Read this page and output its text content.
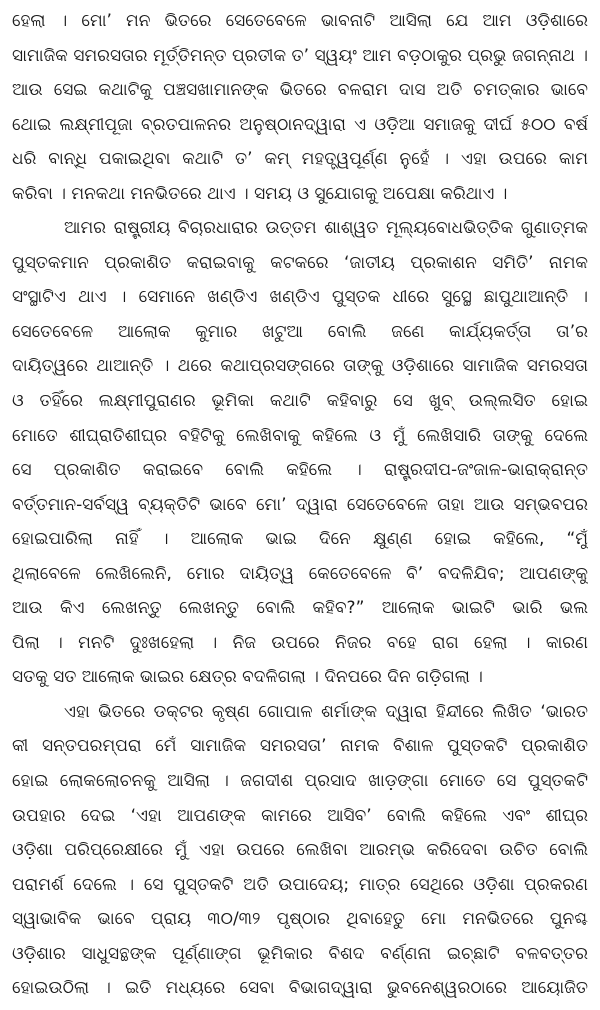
ହେଲା । ମୋ’ ମନ ଭିତରେ ସେତେବେଳେ ଭାବନାଟି ଆସିଲା ଯେ ଆମ ଓଡ଼ିଶାରେ
ସାମାଜିକ ସମରସତାର ମୂର୍ତ୍ତିମନ୍ତ ପ୍ରତୀକ ତ’ ସ୍ୱୟଂ ଆମ ବଡ଼ଠାକୁର ପ୍ରଭୁ ଜଗନ୍ନାଥ ।
ଆଉ ସେଇ କଥାଟିକୁ ପଞ୍ଚସଖାମାନଙ୍କ ଭିତରେ ବଳରାମ ଦାସ ଅତି ଚମତ୍କାର ଭାବେ
ଥୋଇ ଲକ୍ଷ୍ମୀପୂଜା ବ୍ରତପାଳନର ଅନୁଷ୍ଠାନଦ୍ୱାରା ଏ ଓଡ଼ିଆ ସମାଜକୁ ଦୀର୍ଘ ୫୦୦ ବର୍ଷ
ଧରି ବାନ୍ଧି ପକାଇଥିବା କଥାଟି ତ’ କମ୍ ମହତ୍ତ୍ୱପୂର୍ଣ୍ଣ ନୁହେଁ । ଏହା ଉପରେ କାମ
କରିବା । ମନକଥା ମନଭିତରେ ଥାଏ । ସମୟ ଓ ସୁଯୋଗକୁ ଅପେକ୍ଷା କରିଥାଏ ।
ଆମର ରାଷ୍ଟ୍ରୀୟ ବିଚାରଧାରାର ଉତ୍ତମ ଶାଶ୍ୱତ ମୂଲ୍ୟବୋଧଭିତ୍ତିକ ଗୁଣାତ୍ମକ
ପୁସ୍ତକମାନ ପ୍ରକାଶିତ କରାଇବାକୁ କଟକରେ ‘ଜାତୀୟ ପ୍ରକାଶନ ସମିତି’ ନାମକ
ସଂସ୍ଥାଟିଏ ଥାଏ । ସେମାନେ ଖଣ୍ଡିଏ ଖଣ୍ଡିଏ ପୁସ୍ତକ ଧୀରେ ସୁସ୍ଥେ ଛାପୁଥାଆନ୍ତି ।
ସେତେବେଳେ ଆଲୋକ କୁମାର ଖଟୁଆ ବୋଲି ଜଣେ କାର୍ଯ୍ୟକର୍ତ୍ତା ତା’ର
ଦାୟିତ୍ୱରେ ଥାଆନ୍ତି । ଥରେ କଥାପ୍ରସଙ୍ଗରେ ତାଙ୍କୁ ଓଡ଼ିଶାରେ ସାମାଜିକ ସମରସତା
ଓ ତହିଁରେ ଲକ୍ଷ୍ମୀପୁରାଣର ଭୂମିକା କଥାଟି କହିବାରୁ ସେ ଖୁବ୍ ଉଲ୍ଲସିତ ହୋଇ
ମୋତେ ଶୀଘ୍ରାତିଶୀଘ୍ର ବହିଟିକୁ ଲେଖିବାକୁ କହିଲେ ଓ ମୁଁ ଲେଖିସାରି ତାଙ୍କୁ ଦେଲେ
ସେ ପ୍ରକାଶିତ କରାଇବେ ବୋଲି କହିଲେ । ରାଷ୍ଟ୍ରଦୀପ-ଜଂଜାଳ-ଭାରାକ୍ରାନ୍ତ
ବର୍ତ୍ତମାନ-ସର୍ବସ୍ୱ ବ୍ୟକ୍ତିଟି ଭାବେ ମୋ’ ଦ୍ୱାରା ସେତେବେଳେ ତାହା ଆଉ ସମ୍ଭବପର
ହୋଇପାରିଲା ନାହିଁ । ଆଲୋକ ଭାଇ ଦିନେ କ୍ଷୁଣ୍ଣ ହୋଇ କହିଲେ, “ମୁଁ
ଥିଲାବେଳେ ଲେଖିଲେନି, ମୋର ଦାୟିତ୍ୱ କେତେବେଳେ ବି’ ବଦଳିଯିବ; ଆପଣଙ୍କୁ
ଆଉ କିଏ ଲେଖନ୍ତୁ ଲେଖନ୍ତୁ ବୋଲି କହିବ?” ଆଲୋକ ଭାଇଟି ଭାରି ଭଲ
ପିଲା । ମନଟି ଦୁଃଖହେଲା । ନିଜ ଉପରେ ନିଜର ବହେ ରାଗ ହେଲା । କାରଣ
ସତକୁ ସତ ଆଲୋକ ଭାଇର କ୍ଷେତ୍ର ବଦଳିଗଲା । ଦିନପରେ ଦିନ ଗଡ଼ିଗଲା ।
ଏହା ଭିତରେ ଡକ୍ଟର କୃଷ୍ଣ ଗୋପାଳ ଶର୍ମାଙ୍କ ଦ୍ୱାରା ହିନ୍ଦୀରେ ଲିଖିତ ‘ଭାରତ
କୀ ସନ୍ତପରମ୍ପରା ମେଁ ସାମାଜିକ ସମରସତା’ ନାମକ ବିଶାଳ ପୁସ୍ତକଟି ପ୍ରକାଶିତ
ହୋଇ ଲୋକଲୋଚନକୁ ଆସିଲା । ଜଗଦୀଶ ପ୍ରସାଦ ଖାଡ଼ଙ୍ଗା ମୋତେ ସେ ପୁସ୍ତକଟି
ଉପହାର ଦେଇ ‘ଏହା ଆପଣଙ୍କ କାମରେ ଆସିବ’ ବୋଲି କହିଲେ ଏବଂ ଶୀଘ୍ର
ଓଡ଼ିଶା ପରିପ୍ରେକ୍ଷୀରେ ମୁଁ ଏହା ଉପରେ ଲେଖିବା ଆରମ୍ଭ କରିଦେବା ଉଚିତ ବୋଲି
ପରାମର୍ଶ ଦେଲେ । ସେ ପୁସ୍ତକଟି ଅତି ଉପାଦେୟ; ମାତ୍ର ସେଥିରେ ଓଡ଼ିଶା ପ୍ରକରଣ
ସ୍ୱାଭାବିକ ଭାବେ ପ୍ରାୟ ୩୦/୩୨ ପୃଷ୍ଠାର ଥିବାହେତୁ ମୋ ମନଭିତରେ ପୁନଶ୍ଚ
ଓଡ଼ିଶାର ସାଧୁସନ୍ଥଙ୍କ ପୂର୍ଣ୍ଣାଙ୍ଗ ଭୂମିକାର ବିଶଦ ବର୍ଣ୍ଣନା ଇଚ୍ଛାଟି ବଳବତ୍ତର
ହୋଇଉଠିଲା । ଇତି ମଧ୍ୟରେ ସେବା ବିଭାଗଦ୍ୱାରା ଭୁବନେଶ୍ୱରଠାରେ ଆୟୋଜିତ
